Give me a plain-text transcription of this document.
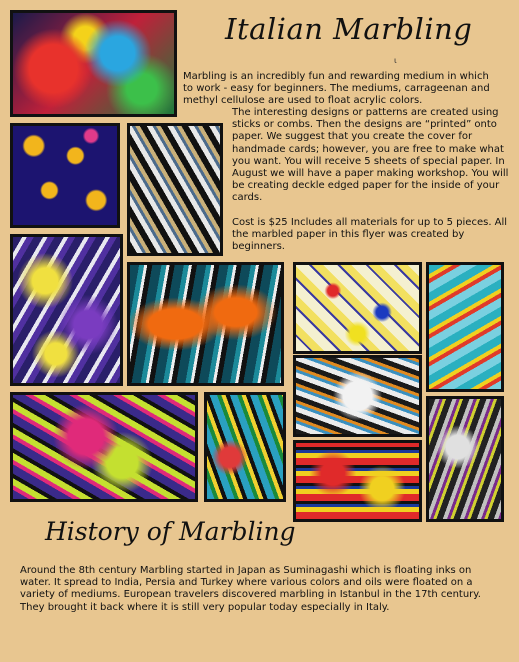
Italian Marbling
ι

Marbling is an incredibly fun and rewarding medium in which to work - easy for beginners. The mediums, carrageenan and methyl cellulose are used to float acrylic colors.

The interesting designs or patterns are created using sticks or combs. Then the designs are “printed” onto paper. We suggest that you create the cover for handmade cards; however, you are free to make what you want. You will receive 5 sheets of special paper. In August we will have a paper making workshop. You will be creating deckle edged paper for the inside of your cards.

Cost is $25 Includes all materials for up to 5 pieces. All the marbled paper in this flyer was created by beginners.

History of Marbling

Around the 8th century Marbling started in Japan as Suminagashi which is floating inks on water. It spread to India, Persia and Turkey where various colors and oils were floated on a variety of mediums. European travelers discovered marbling in Istanbul in the 17th century. They brought it back where it is still very popular today especially in Italy.
